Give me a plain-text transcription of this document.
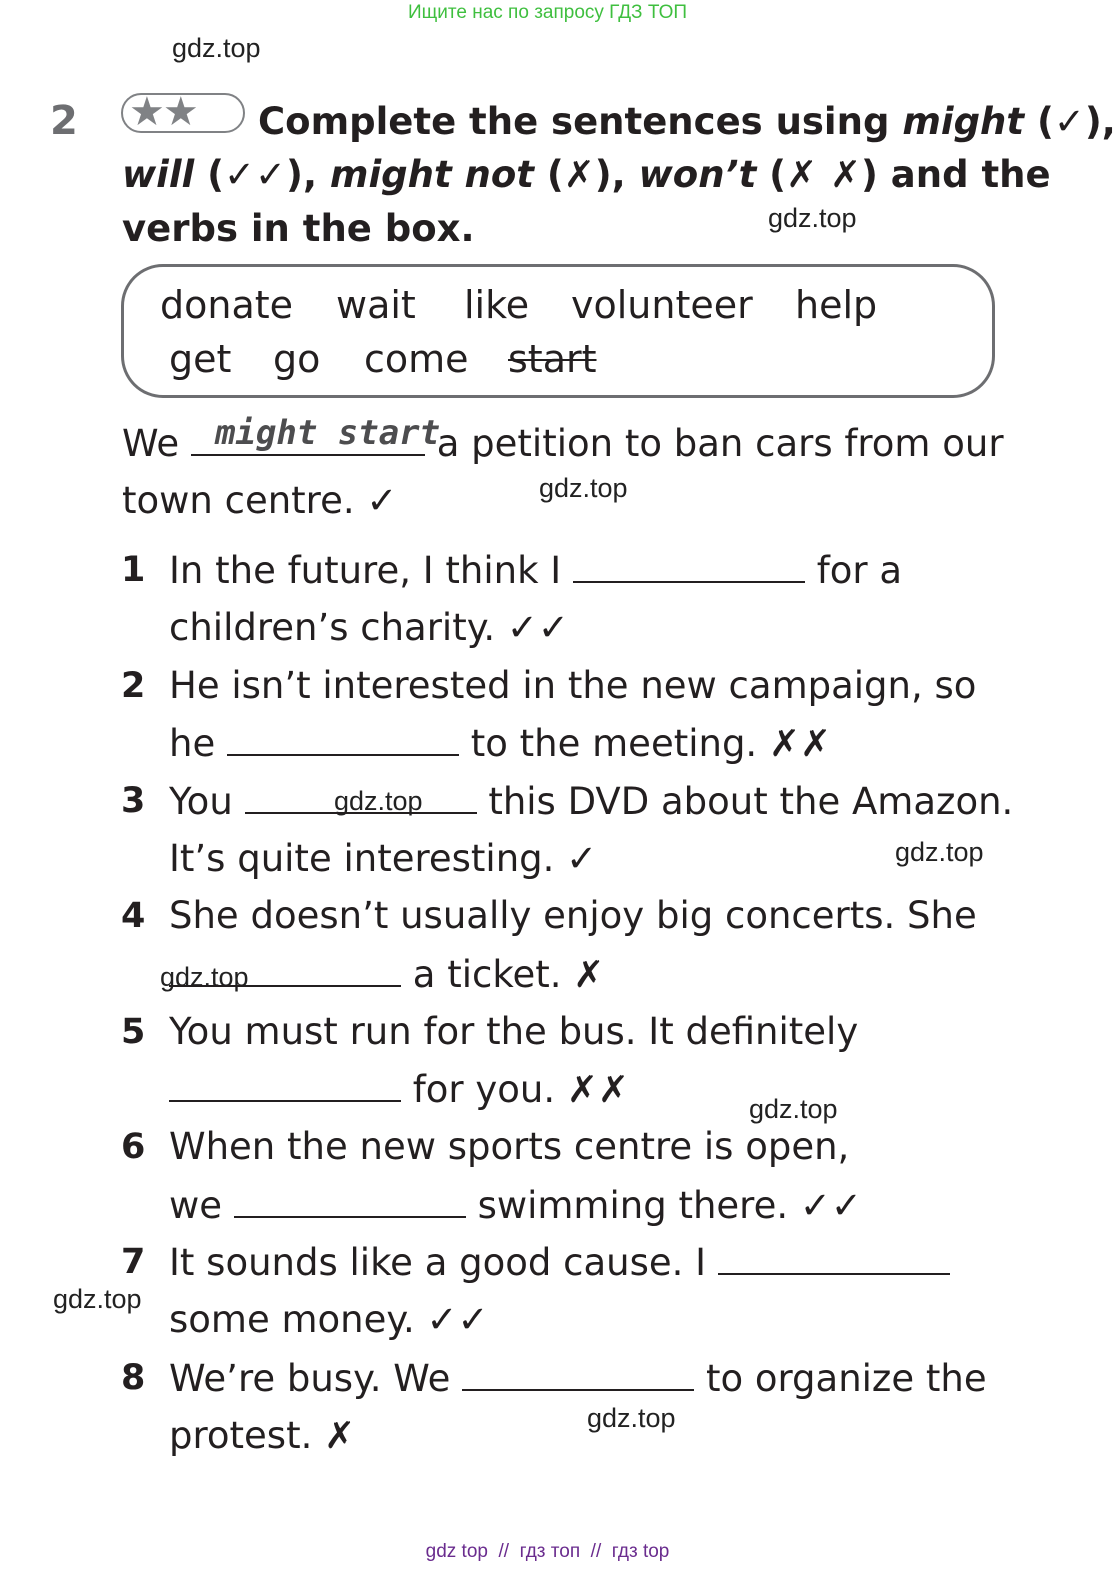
Ищите нас по запросу ГДЗ ТОП
gdz.top
gdz.top
gdz.top
gdz.top
gdz.top
gdz.top
gdz.top
gdz.top
gdz.top
2 ★★	Complete the sentences using might (✓),
will (✓✓), might not (✗), won’t (✗ ✗) and the
verbs in the box.
donate wait like volunteer help
get go come start
We might start
a petition to ban cars from our
town centre. ✓
1 In the future, I think I	for a
children’s charity. ✓✓
2 He isn’t interested in the new campaign, so
he	to the meeting. ✗✗
3 You	this DVD about the Amazon.
It’s quite interesting. ✓
4 She doesn’t usually enjoy big concerts. She
a ticket. ✗
5 You must run for the bus. It definitely
for you. ✗✗
6 When the new sports centre is open,
we	swimming there. ✓✓
7 It sounds like a good cause. I
some money. ✓✓
8 We’re busy. We	to organize the
protest. ✗
gdz top  //  гдз топ  //  гдз top
